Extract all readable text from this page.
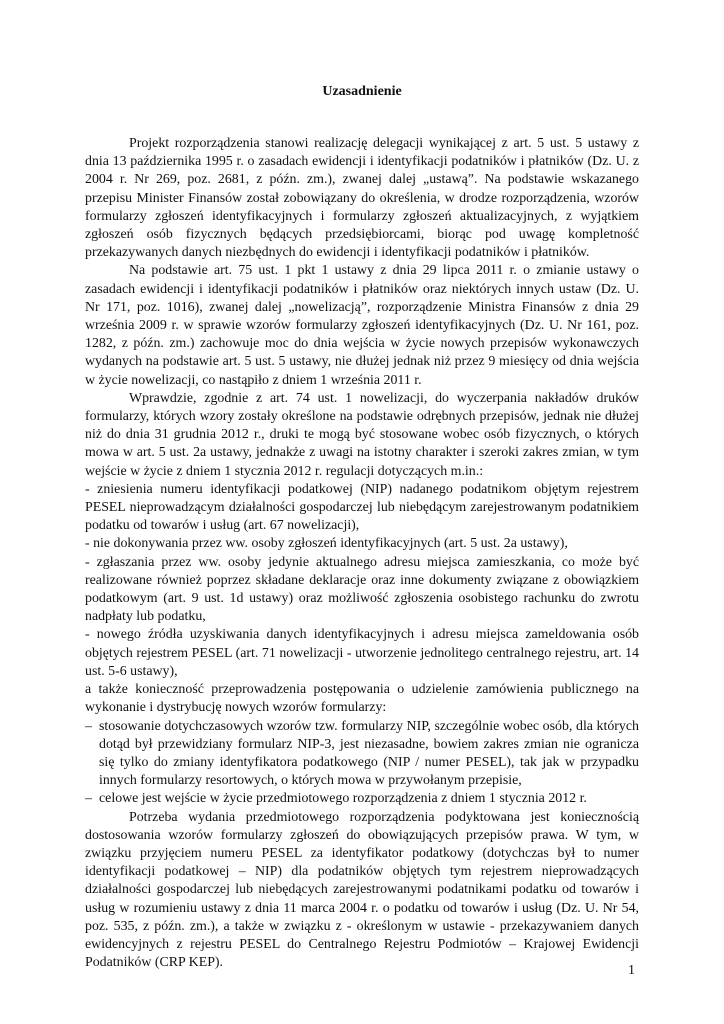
Uzasadnienie

Projekt rozporządzenia stanowi realizację delegacji wynikającej z art. 5 ust. 5 ustawy z dnia 13 października 1995 r. o zasadach ewidencji i identyfikacji podatników i płatników (Dz. U. z 2004 r. Nr 269, poz. 2681, z późn. zm.), zwanej dalej „ustawą”. Na podstawie wskazanego przepisu Minister Finansów został zobowiązany do określenia, w drodze rozporządzenia, wzorów formularzy zgłoszeń identyfikacyjnych i formularzy zgłoszeń aktualizacyjnych, z wyjątkiem zgłoszeń osób fizycznych będących przedsiębiorcami, biorąc pod uwagę kompletność przekazywanych danych niezbędnych do ewidencji i identyfikacji podatników i płatników.

Na podstawie art. 75 ust. 1 pkt 1 ustawy z dnia 29 lipca 2011 r. o zmianie ustawy o zasadach ewidencji i identyfikacji podatników i płatników oraz niektórych innych ustaw (Dz. U. Nr 171, poz. 1016), zwanej dalej „nowelizacją”, rozporządzenie Ministra Finansów z dnia 29 września 2009 r. w sprawie wzorów formularzy zgłoszeń identyfikacyjnych (Dz. U. Nr 161, poz. 1282, z późn. zm.) zachowuje moc do dnia wejścia w życie nowych przepisów wykonawczych wydanych na podstawie art. 5 ust. 5 ustawy, nie dłużej jednak niż przez 9 miesięcy od dnia wejścia w życie nowelizacji, co nastąpiło z dniem 1 września 2011 r.

Wprawdzie, zgodnie z art. 74 ust. 1 nowelizacji, do wyczerpania nakładów druków formularzy, których wzory zostały określone na podstawie odrębnych przepisów, jednak nie dłużej niż do dnia 31 grudnia 2012 r., druki te mogą być stosowane wobec osób fizycznych, o których mowa w art. 5 ust. 2a ustawy, jednakże z uwagi na istotny charakter i szeroki zakres zmian, w tym wejście w życie z dniem 1 stycznia 2012 r. regulacji dotyczących m.in.:

- zniesienia numeru identyfikacji podatkowej (NIP) nadanego podatnikom objętym rejestrem PESEL nieprowadzącym działalności gospodarczej lub niebędącym zarejestrowanym podatnikiem podatku od towarów i usług (art. 67 nowelizacji),

- nie dokonywania przez ww. osoby zgłoszeń identyfikacyjnych (art. 5 ust. 2a ustawy),

- zgłaszania przez ww. osoby jedynie aktualnego adresu miejsca zamieszkania, co może być realizowane również poprzez składane deklaracje oraz inne dokumenty związane z obowiązkiem podatkowym (art. 9 ust. 1d ustawy) oraz możliwość zgłoszenia osobistego rachunku do zwrotu nadpłaty lub podatku,

- nowego źródła uzyskiwania danych identyfikacyjnych i adresu miejsca zameldowania osób objętych rejestrem PESEL (art. 71 nowelizacji - utworzenie jednolitego centralnego rejestru, art. 14 ust. 5-6 ustawy),

a także konieczność przeprowadzenia postępowania o udzielenie zamówienia publicznego na wykonanie i dystrybucję nowych wzorów formularzy:

– stosowanie dotychczasowych wzorów tzw. formularzy NIP, szczególnie wobec osób, dla których dotąd był przewidziany formularz NIP-3, jest niezasadne, bowiem zakres zmian nie ogranicza się tylko do zmiany identyfikatora podatkowego (NIP / numer PESEL), tak jak w przypadku innych formularzy resortowych, o których mowa w przywołanym przepisie,

– celowe jest wejście w życie przedmiotowego rozporządzenia z dniem 1 stycznia 2012 r.

Potrzeba wydania przedmiotowego rozporządzenia podyktowana jest koniecznością dostosowania wzorów formularzy zgłoszeń do obowiązujących przepisów prawa. W tym, w związku przyjęciem numeru PESEL za identyfikator podatkowy (dotychczas był to numer identyfikacji podatkowej – NIP) dla podatników objętych tym rejestrem nieprowadzących działalności gospodarczej lub niebędących zarejestrowanymi podatnikami podatku od towarów i usług w rozumieniu ustawy z dnia 11 marca 2004 r. o podatku od towarów i usług (Dz. U. Nr 54, poz. 535, z późn. zm.), a także w związku z - określonym w ustawie - przekazywaniem danych ewidencyjnych z rejestru PESEL do Centralnego Rejestru Podmiotów – Krajowej Ewidencji Podatników (CRP KEP).

1
